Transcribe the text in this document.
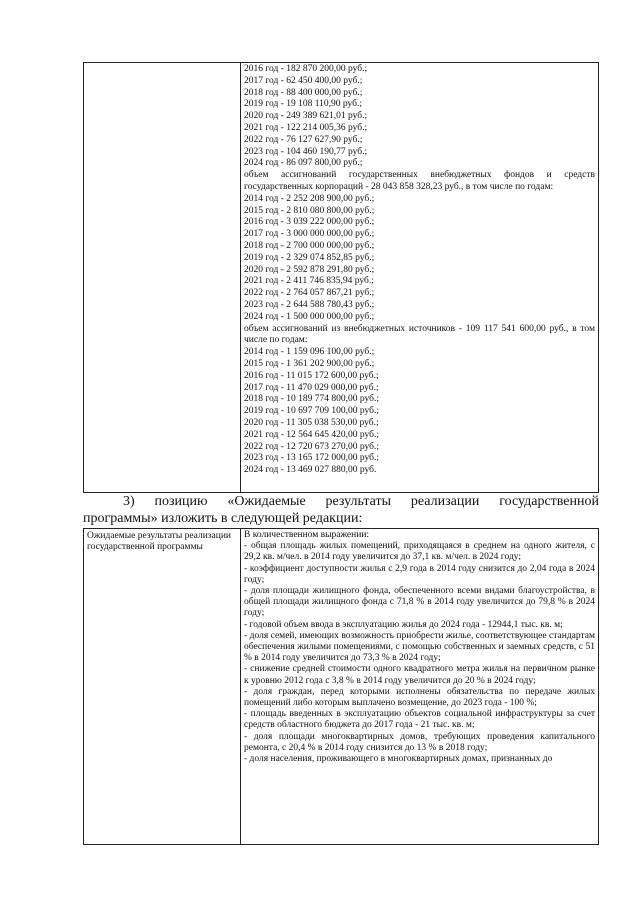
2016 год - 182 870 200,00 руб.;
2017 год - 62 450 400,00 руб.;
2018 год - 88 400 000,00 руб.;
2019 год - 19 108 110,90 руб.;
2020 год - 249 389 621,01 руб.;
2021 год - 122 214 005,36 руб.;
2022 год - 76 127 627,90 руб.;
2023 год - 104 460 190,77 руб.;
2024 год - 86 097 800,00 руб.;
объем ассигнований государственных внебюджетных фондов и средств государственных корпораций - 28 043 858 328,23 руб., в том числе по годам:
2014 год - 2 252 208 900,00 руб.;
2015 год - 2 810 080 800,00 руб.;
2016 год - 3 039 222 000,00 руб.;
2017 год - 3 000 000 000,00 руб.;
2018 год - 2 700 000 000,00 руб.;
2019 год - 2 329 074 852,85 руб.;
2020 год - 2 592 878 291,80 руб.;
2021 год - 2 411 746 835,94 руб.;
2022 год - 2 764 057 867,21 руб.;
2023 год - 2 644 588 780,43 руб.;
2024 год - 1 500 000 000,00 руб.;
объем ассигнований из внебюджетных источников - 109 117 541 600,00 руб., в том числе по годам:
2014 год - 1 159 096 100,00 руб.;
2015 год - 1 361 202 900,00 руб.;
2016 год - 11 015 172 600,00 руб.;
2017 год - 11 470 029 000,00 руб.;
2018 год - 10 189 774 800,00 руб.;
2019 год - 10 697 709 100,00 руб.;
2020 год - 11 305 038 530,00 руб.;
2021 год - 12 564 645 420,00 руб.;
2022 год - 12 720 673 270,00 руб.;
2023 год - 13 165 172 000,00 руб.;
2024 год - 13 469 027 880,00 руб.
3) позицию «Ожидаемые результаты реализации государственной
программы» изложить в следующей редакции:
Ожидаемые результаты реализации государственной программы
В количественном выражении:
- общая площадь жилых помещений, приходящаяся в среднем на одного жителя, с 29,2 кв. м/чел. в 2014 году увеличится до 37,1 кв. м/чел. в 2024 году;
- коэффициент доступности жилья с 2,9 года в 2014 году снизится до 2,04 года в 2024 году;
- доля площади жилищного фонда, обеспеченного всеми видами благоустройства, в общей площади жилищного фонда с 71,8 % в 2014 году увеличится до 79,8 % в 2024 году;
- годовой объем ввода в эксплуатацию жилья до 2024 года - 12944,1 тыс. кв. м;
- доля семей, имеющих возможность приобрести жилье, соответствующее стандартам обеспечения жилыми помещениями, с помощью собственных и заемных средств, с 51 % в 2014 году увеличится до 73,3 % в 2024 году;
- снижение средней стоимости одного квадратного метра жилья на первичном рынке к уровню 2012 года с 3,8 % в 2014 году увеличится до 20 % в 2024 году;
- доля граждан, перед которыми исполнены обязательства по передаче жилых помещений либо которым выплачено возмещение, до 2023 года - 100 %;
- площадь введенных в эксплуатацию объектов социальной инфраструктуры за счет средств областного бюджета до 2017 года - 21 тыс. кв. м;
- доля площади многоквартирных домов, требующих проведения капитального ремонта, с 20,4 % в 2014 году снизится до 13 % в 2018 году;
- доля населения, проживающего в многоквартирных домах, признанных до
